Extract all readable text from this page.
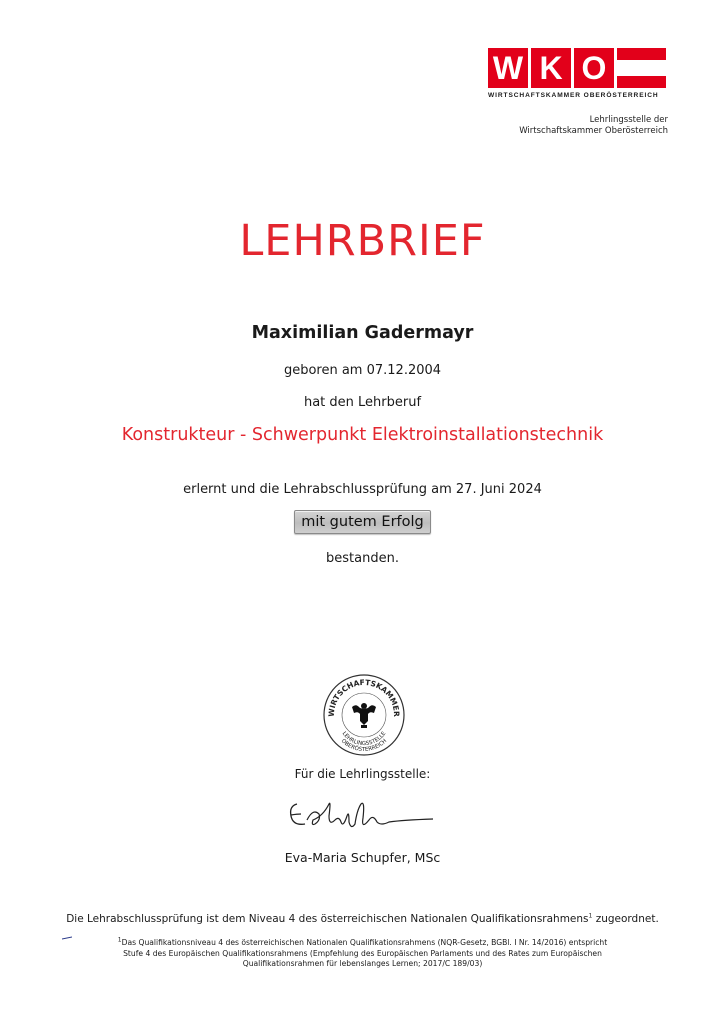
W K O
WIRTSCHAFTSKAMMER OBERÖSTERREICH
Lehrlingsstelle der
Wirtschaftskammer Oberösterreich
LEHRBRIEF
Maximilian Gadermayr
geboren am 07.12.2004
hat den Lehrberuf
Konstrukteur - Schwerpunkt Elektroinstallationstechnik
erlernt und die Lehrabschlussprüfung am 27. Juni 2024
mit gutem Erfolg
bestanden.
WIRTSCHAFTSKAMMER
LEHRLINGSSTELLE
OBERÖSTERREICH
Für die Lehrlingsstelle:
Eva-Maria Schupfer, MSc
Die Lehrabschlussprüfung ist dem Niveau 4 des österreichischen Nationalen Qualifikationsrahmens$^1$ zugeordnet.
$^1$Das Qualifikationsniveau 4 des österreichischen Nationalen Qualifikationsrahmens (NQR-Gesetz, BGBl. I Nr. 14/2016) entspricht
Stufe 4 des Europäischen Qualifikationsrahmens (Empfehlung des Europäischen Parlaments und des Rates zum Europäischen
Qualifikationsrahmen für lebenslanges Lernen; 2017/C 189/03)
